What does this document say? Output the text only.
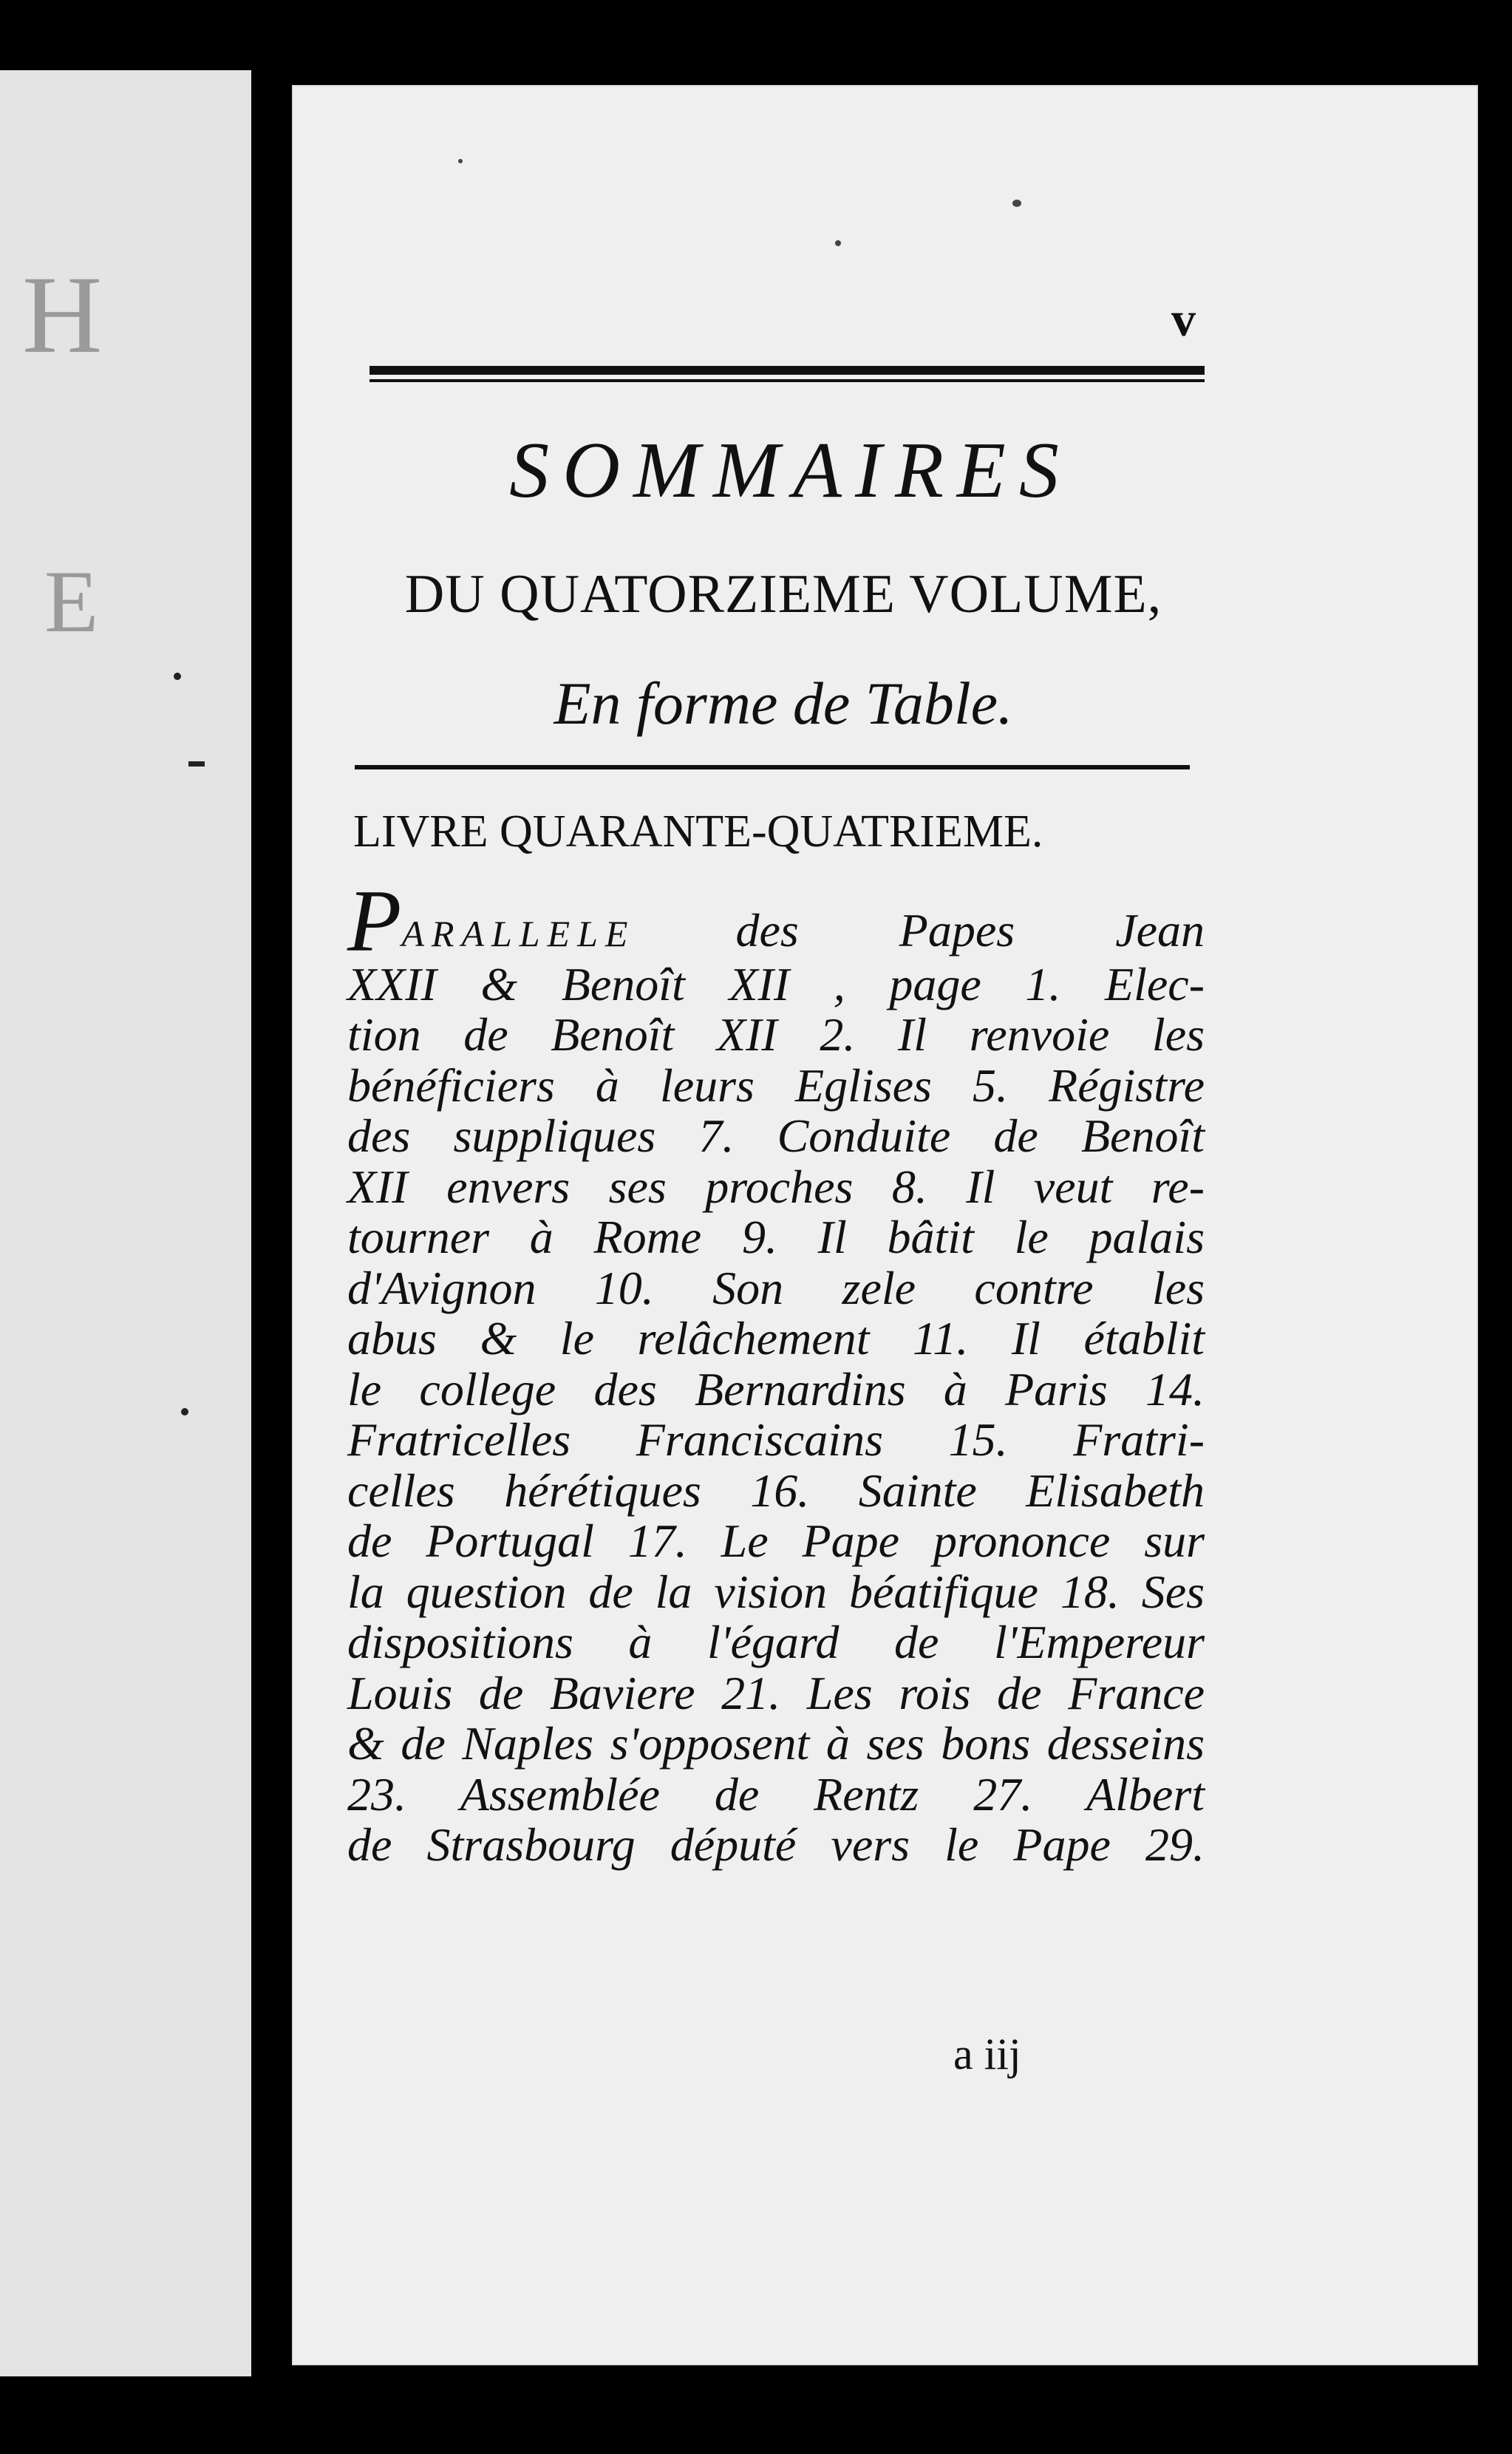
H
E
v
SOMMAIRES
DU QUATORZIEME VOLUME,
En forme de Table.
LIVRE QUARANTE-QUATRIEME.
PARALLELE des Papes Jean
XXII & Benoît XII , page 1. Elec-
tion de Benoît XII 2. Il renvoie les
bénéficiers à leurs Eglises 5. Régistre
des suppliques 7. Conduite de Benoît
XII envers ses proches 8. Il veut re-
tourner à Rome 9. Il bâtit le palais
d'Avignon 10. Son zele contre les
abus & le relâchement 11. Il établit
le college des Bernardins à Paris 14.
Fratricelles Franciscains 15. Fratri-
celles hérétiques 16. Sainte Elisabeth
de Portugal 17. Le Pape prononce sur
la question de la vision béatifique 18. Ses
dispositions à l'égard de l'Empereur
Louis de Baviere 21. Les rois de France
& de Naples s'opposent à ses bons desseins
23. Assemblée de Rentz 27. Albert
de Strasbourg député vers le Pape 29.
a iij
